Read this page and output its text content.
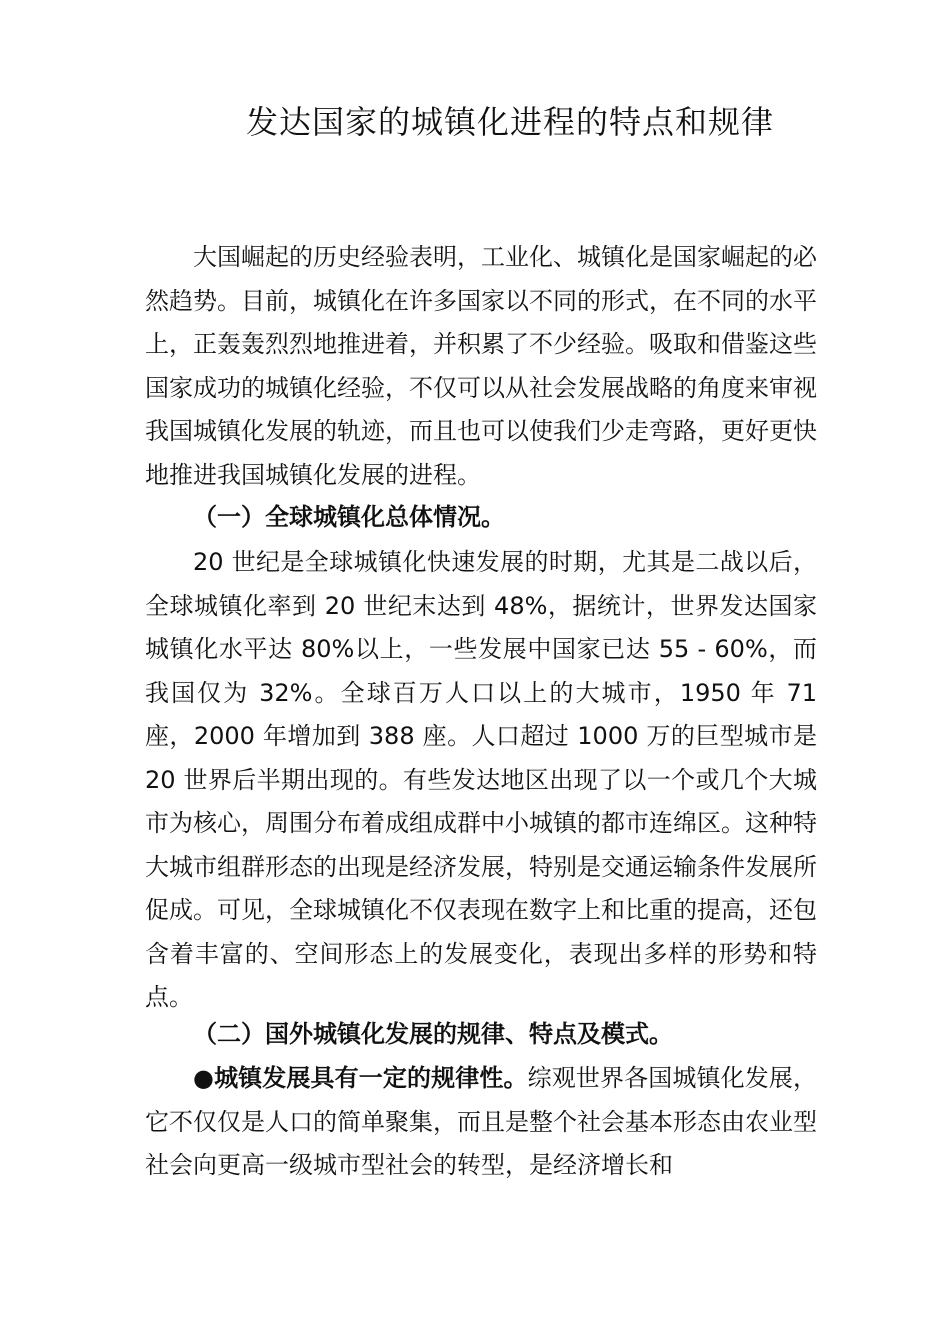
发达国家的城镇化进程的特点和规律

大国崛起的历史经验表明，工业化、城镇化是国家崛起的必然趋势。目前，城镇化在许多国家以不同的形式，在不同的水平上，正轰轰烈烈地推进着，并积累了不少经验。吸取和借鉴这些国家成功的城镇化经验，不仅可以从社会发展战略的角度来审视我国城镇化发展的轨迹，而且也可以使我们少走弯路，更好更快地推进我国城镇化发展的进程。

（一）全球城镇化总体情况。

20 世纪是全球城镇化快速发展的时期，尤其是二战以后，全球城镇化率到 20 世纪末达到 48%，据统计，世界发达国家城镇化水平达 80%以上，一些发展中国家已达 55 - 60%，而我国仅为 32%。全球百万人口以上的大城市，1950 年 71 座，2000 年增加到 388 座。人口超过 1000 万的巨型城市是 20 世界后半期出现的。有些发达地区出现了以一个或几个大城市为核心，周围分布着成组成群中小城镇的都市连绵区。这种特大城市组群形态的出现是经济发展，特别是交通运输条件发展所促成。可见，全球城镇化不仅表现在数字上和比重的提高，还包含着丰富的、空间形态上的发展变化，表现出多样的形势和特点。

（二）国外城镇化发展的规律、特点及模式。

●城镇发展具有一定的规律性。综观世界各国城镇化发展，它不仅仅是人口的简单聚集，而且是整个社会基本形态由农业型社会向更高一级城市型社会的转型，是经济增长和
